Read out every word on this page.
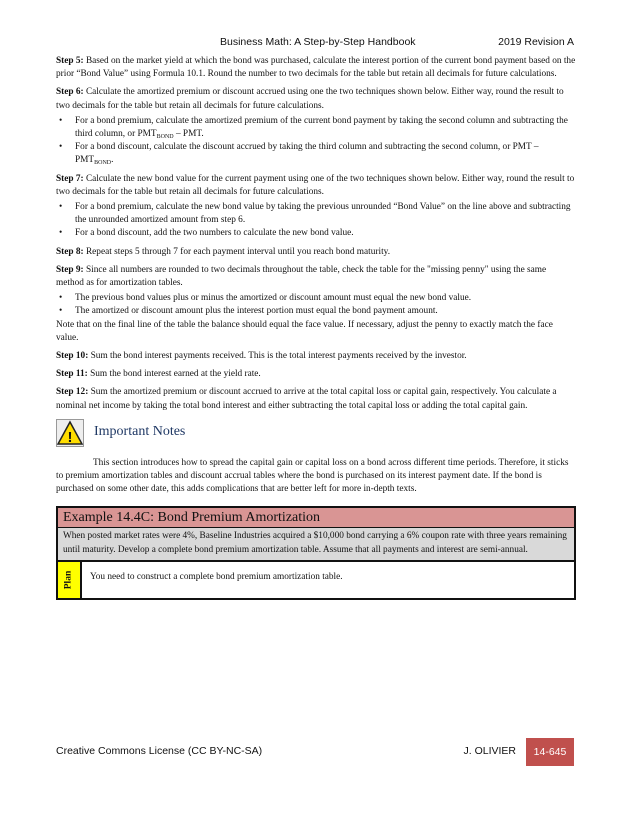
Business Math: A Step-by-Step Handbook	2019 Revision A

Step 5: Based on the market yield at which the bond was purchased, calculate the interest portion of the current bond payment based on the prior “Bond Value” using Formula 10.1. Round the number to two decimals for the table but retain all decimals for future calculations.

Step 6: Calculate the amortized premium or discount accrued using one the two techniques shown below. Either way, round the result to two decimals for the table but retain all decimals for future calculations.

• For a bond premium, calculate the amortized premium of the current bond payment by taking the second column and subtracting the third column, or $PMT_{BOND}$ – PMT.
• For a bond discount, calculate the discount accrued by taking the third column and subtracting the second column, or PMT – $PMT_{BOND}$.

Step 7: Calculate the new bond value for the current payment using one of the two techniques shown below. Either way, round the result to two decimals for the table but retain all decimals for future calculations.

• For a bond premium, calculate the new bond value by taking the previous unrounded “Bond Value” on the line above and subtracting the unrounded amortized amount from step 6.
• For a bond discount, add the two numbers to calculate the new bond value.

Step 8: Repeat steps 5 through 7 for each payment interval until you reach bond maturity.

Step 9: Since all numbers are rounded to two decimals throughout the table, check the table for the "missing penny" using the same method as for amortization tables.

• The previous bond values plus or minus the amortized or discount amount must equal the new bond value.
• The amortized or discount amount plus the interest portion must equal the bond payment amount.

Note that on the final line of the table the balance should equal the face value. If necessary, adjust the penny to exactly match the face value.

Step 10: Sum the bond interest payments received. This is the total interest payments received by the investor.

Step 11: Sum the bond interest earned at the yield rate.

Step 12: Sum the amortized premium or discount accrued to arrive at the total capital loss or capital gain, respectively. You calculate a nominal net income by taking the total bond interest and either subtracting the total capital loss or adding the total capital gain.

! Important Notes

This section introduces how to spread the capital gain or capital loss on a bond across different time periods. Therefore, it sticks to premium amortization tables and discount accrual tables where the bond is purchased on its interest payment date. If the bond is purchased on some other date, this adds complications that are better left for more in-depth texts.

Example 14.4C: Bond Premium Amortization
When posted market rates were 4%, Baseline Industries acquired a $10,000 bond carrying a 6% coupon rate with three years remaining until maturity. Develop a complete bond premium amortization table. Assume that all payments and interest are semi-annual.
Plan	You need to construct a complete bond premium amortization table.
Creative Commons License (CC BY-NC-SA)	J. OLIVIER	14-645
